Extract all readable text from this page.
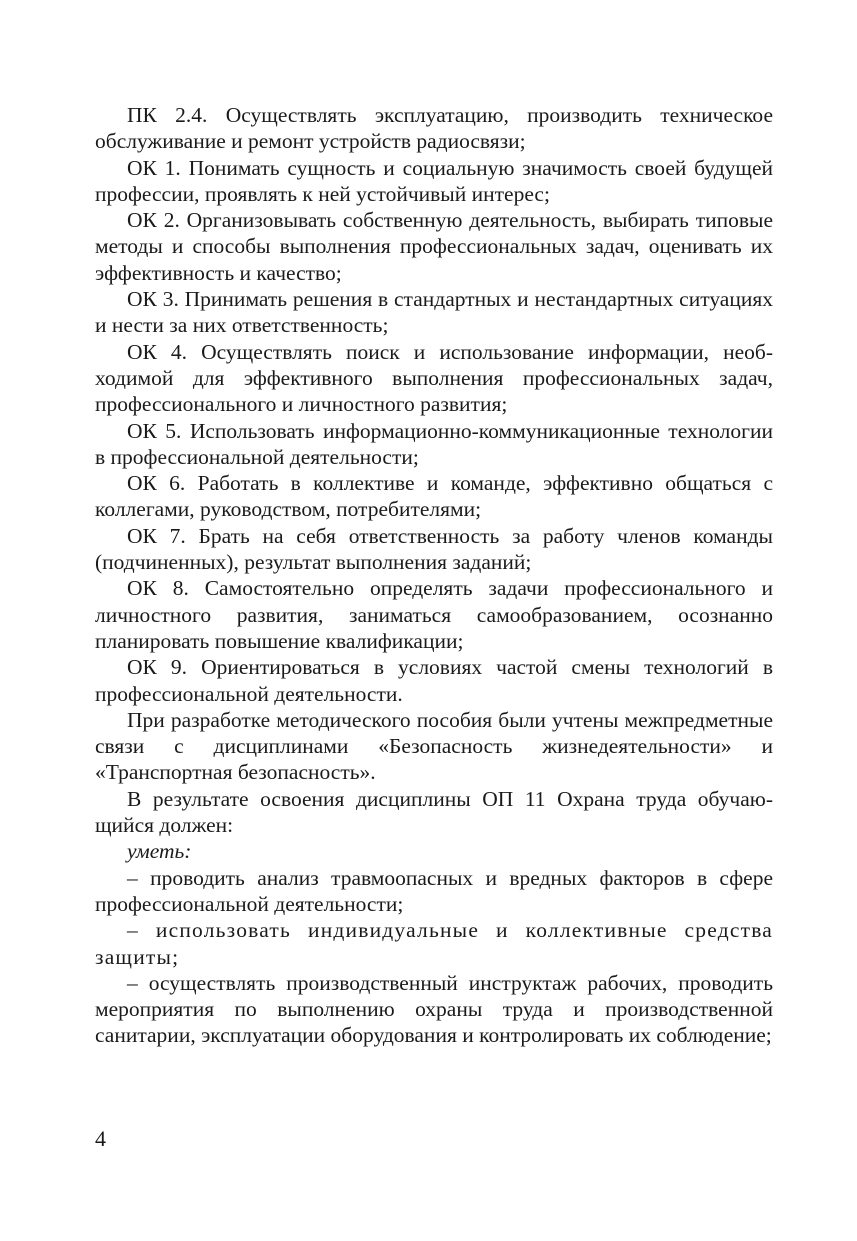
ПК 2.4. Осуществлять эксплуатацию, производить техническое обслуживание и ремонт устройств радиосвязи;

ОК 1. Понимать сущность и социальную значимость своей будущей профессии, проявлять к ней устойчивый интерес;

ОК 2. Организовывать собственную деятельность, выбирать типовые методы и способы выполнения профессиональных задач, оценивать их эффективность и качество;

ОК 3. Принимать решения в стандартных и нестандартных ситуациях и нести за них ответственность;

ОК 4. Осуществлять поиск и использование информации, необходимой для эффективного выполнения профессиональных задач, профессионального и личностного развития;

ОК 5. Использовать информационно-коммуникационные технологии в профессиональной деятельности;

ОК 6. Работать в коллективе и команде, эффективно общаться с коллегами, руководством, потребителями;

ОК 7. Брать на себя ответственность за работу членов команды (подчиненных), результат выполнения заданий;

ОК 8. Самостоятельно определять задачи профессионального и личностного развития, заниматься самообразованием, осознанно планировать повышение квалификации;

ОК 9. Ориентироваться в условиях частой смены технологий в профессиональной деятельности.

При разработке методического пособия были учтены межпредметные связи с дисциплинами «Безопасность жизнедеятельности» и «Транспортная безопасность».

В результате освоения дисциплины ОП 11 Охрана труда обучающийся должен:

уметь:

– проводить анализ травмоопасных и вредных факторов в сфере профессиональной деятельности;

– использовать индивидуальные и коллективные средства защиты;

– осуществлять производственный инструктаж рабочих, проводить мероприятия по выполнению охраны труда и производственной санитарии, эксплуатации оборудования и контролировать их соблюдение;

4
